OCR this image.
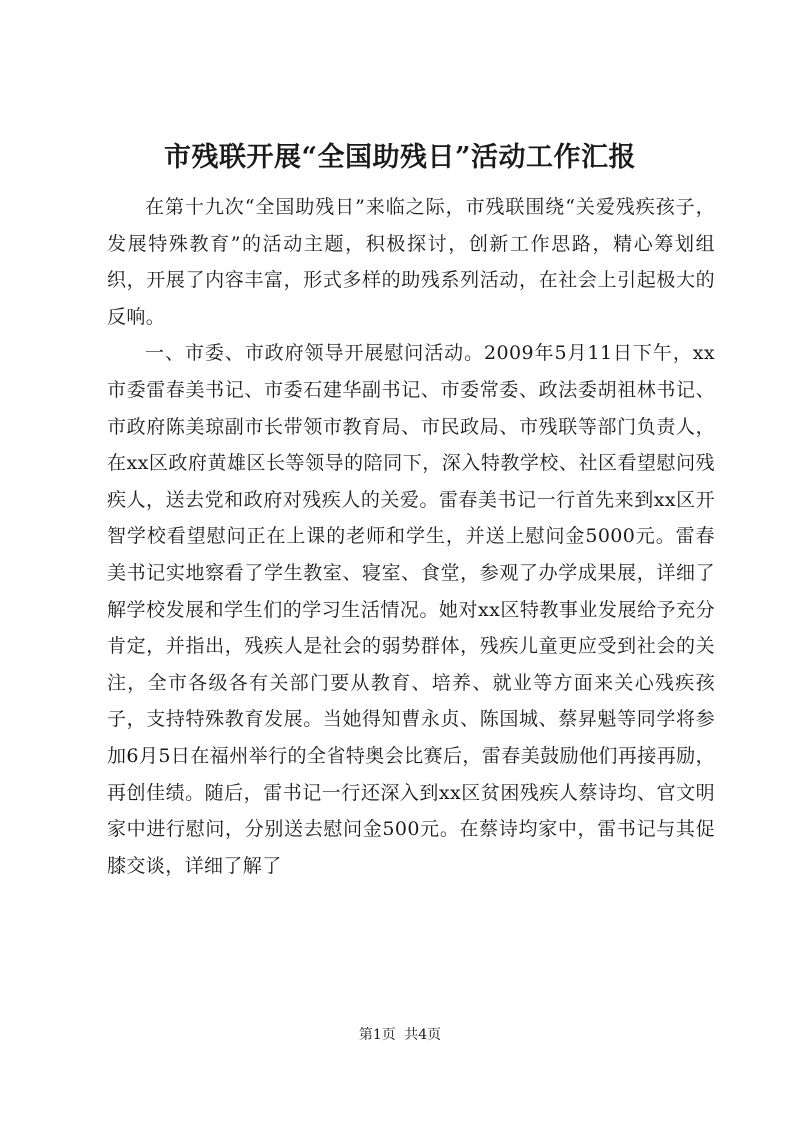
市残联开展“全国助残日”活动工作汇报

在第十九次“全国助残日”来临之际，市残联围绕“关爱残疾孩子，发展特殊教育”的活动主题，积极探讨，创新工作思路，精心筹划组织，开展了内容丰富，形式多样的助残系列活动，在社会上引起极大的反响。

一、市委、市政府领导开展慰问活动。2009年5月11日下午，xx市委雷春美书记、市委石建华副书记、市委常委、政法委胡祖林书记、市政府陈美琼副市长带领市教育局、市民政局、市残联等部门负责人，在xx区政府黄雄区长等领导的陪同下，深入特教学校、社区看望慰问残疾人，送去党和政府对残疾人的关爱。雷春美书记一行首先来到xx区开智学校看望慰问正在上课的老师和学生，并送上慰问金5000元。雷春美书记实地察看了学生教室、寝室、食堂，参观了办学成果展，详细了解学校发展和学生们的学习生活情况。她对xx区特教事业发展给予充分肯定，并指出，残疾人是社会的弱势群体，残疾儿童更应受到社会的关注，全市各级各有关部门要从教育、培养、就业等方面来关心残疾孩子，支持特殊教育发展。当她得知曹永贞、陈国城、蔡昇魁等同学将参加6月5日在福州举行的全省特奥会比赛后，雷春美鼓励他们再接再励，再创佳绩。随后，雷书记一行还深入到xx区贫困残疾人蔡诗均、官文明家中进行慰问，分别送去慰问金500元。在蔡诗均家中，雷书记与其促膝交谈，详细了解了

第1页 共4页
